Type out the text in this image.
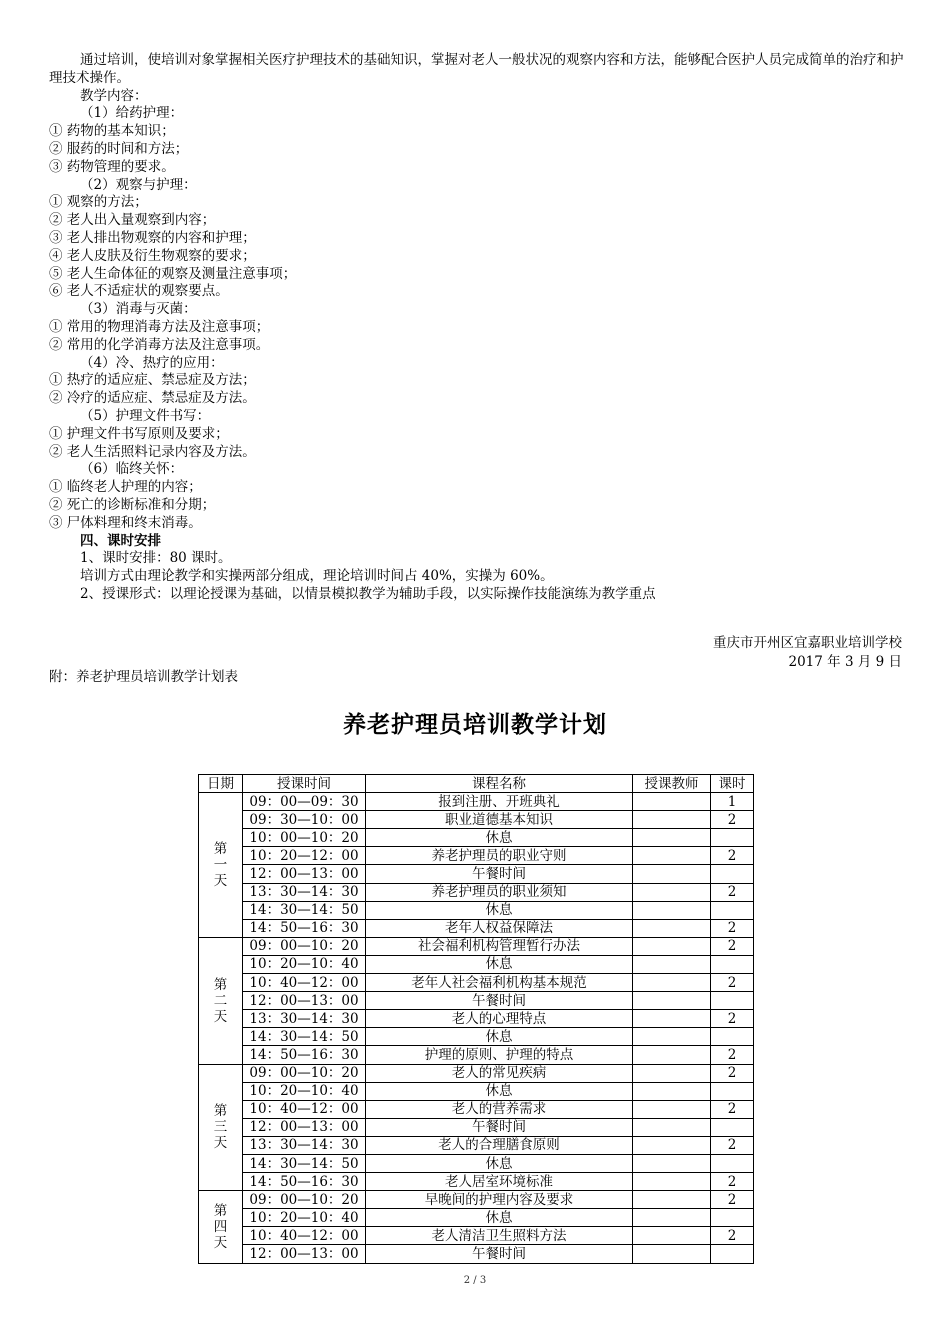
通过培训，使培训对象掌握相关医疗护理技术的基础知识，掌握对老人一般状况的观察内容和方法，能够配合医护人员完成简单的治疗和护理技术操作。

教学内容：

（1）给药护理：

① 药物的基本知识；

② 服药的时间和方法；

③ 药物管理的要求。

（2）观察与护理：

① 观察的方法；

② 老人出入量观察到内容；

③ 老人排出物观察的内容和护理；

④ 老人皮肤及衍生物观察的要求；

⑤ 老人生命体征的观察及测量注意事项；

⑥ 老人不适症状的观察要点。

（3）消毒与灭菌：

① 常用的物理消毒方法及注意事项；

② 常用的化学消毒方法及注意事项。

（4）冷、热疗的应用：

① 热疗的适应症、禁忌症及方法；

② 冷疗的适应症、禁忌症及方法。

（5）护理文件书写：

① 护理文件书写原则及要求；

② 老人生活照料记录内容及方法。

（6）临终关怀：

① 临终老人护理的内容；

② 死亡的诊断标准和分期；

③ 尸体料理和终末消毒。

四、课时安排

1、课时安排：80 课时。

培训方式由理论教学和实操两部分组成，理论培训时间占 40%，实操为 60%。

2、授课形式：以理论授课为基础，以情景模拟教学为辅助手段，以实际操作技能演练为教学重点

重庆市开州区宜嘉职业培训学校
2017 年 3 月 9 日
附：养老护理员培训教学计划表
养老护理员培训教学计划
日期	授课时间	课程名称	授课教师	课时
第一天	09：00—09：30	报到注册、开班典礼		1
	09：30—10：00	职业道德基本知识		2
	10：00—10：20	休息		
	10：20—12：00	养老护理员的职业守则		2
	12：00—13：00	午餐时间		
	13：30—14：30	养老护理员的职业须知		2
	14：30—14：50	休息		
	14：50—16：30	老年人权益保障法		2
第二天	09：00—10：20	社会福利机构管理暂行办法		2
	10：20—10：40	休息		
	10：40—12：00	老年人社会福利机构基本规范		2
	12：00—13：00	午餐时间		
	13：30—14：30	老人的心理特点		2
	14：30—14：50	休息		
	14：50—16：30	护理的原则、护理的特点		2
第三天	09：00—10：20	老人的常见疾病		2
	10：20—10：40	休息		
	10：40—12：00	老人的营养需求		2
	12：00—13：00	午餐时间		
	13：30—14：30	老人的合理膳食原则		2
	14：30—14：50	休息		
	14：50—16：30	老人居室环境标准		2
第四天	09：00—10：20	早晚间的护理内容及要求		2
	10：20—10：40	休息		
	10：40—12：00	老人清洁卫生照料方法		2
	12：00—13：00	午餐时间		
2 / 3
